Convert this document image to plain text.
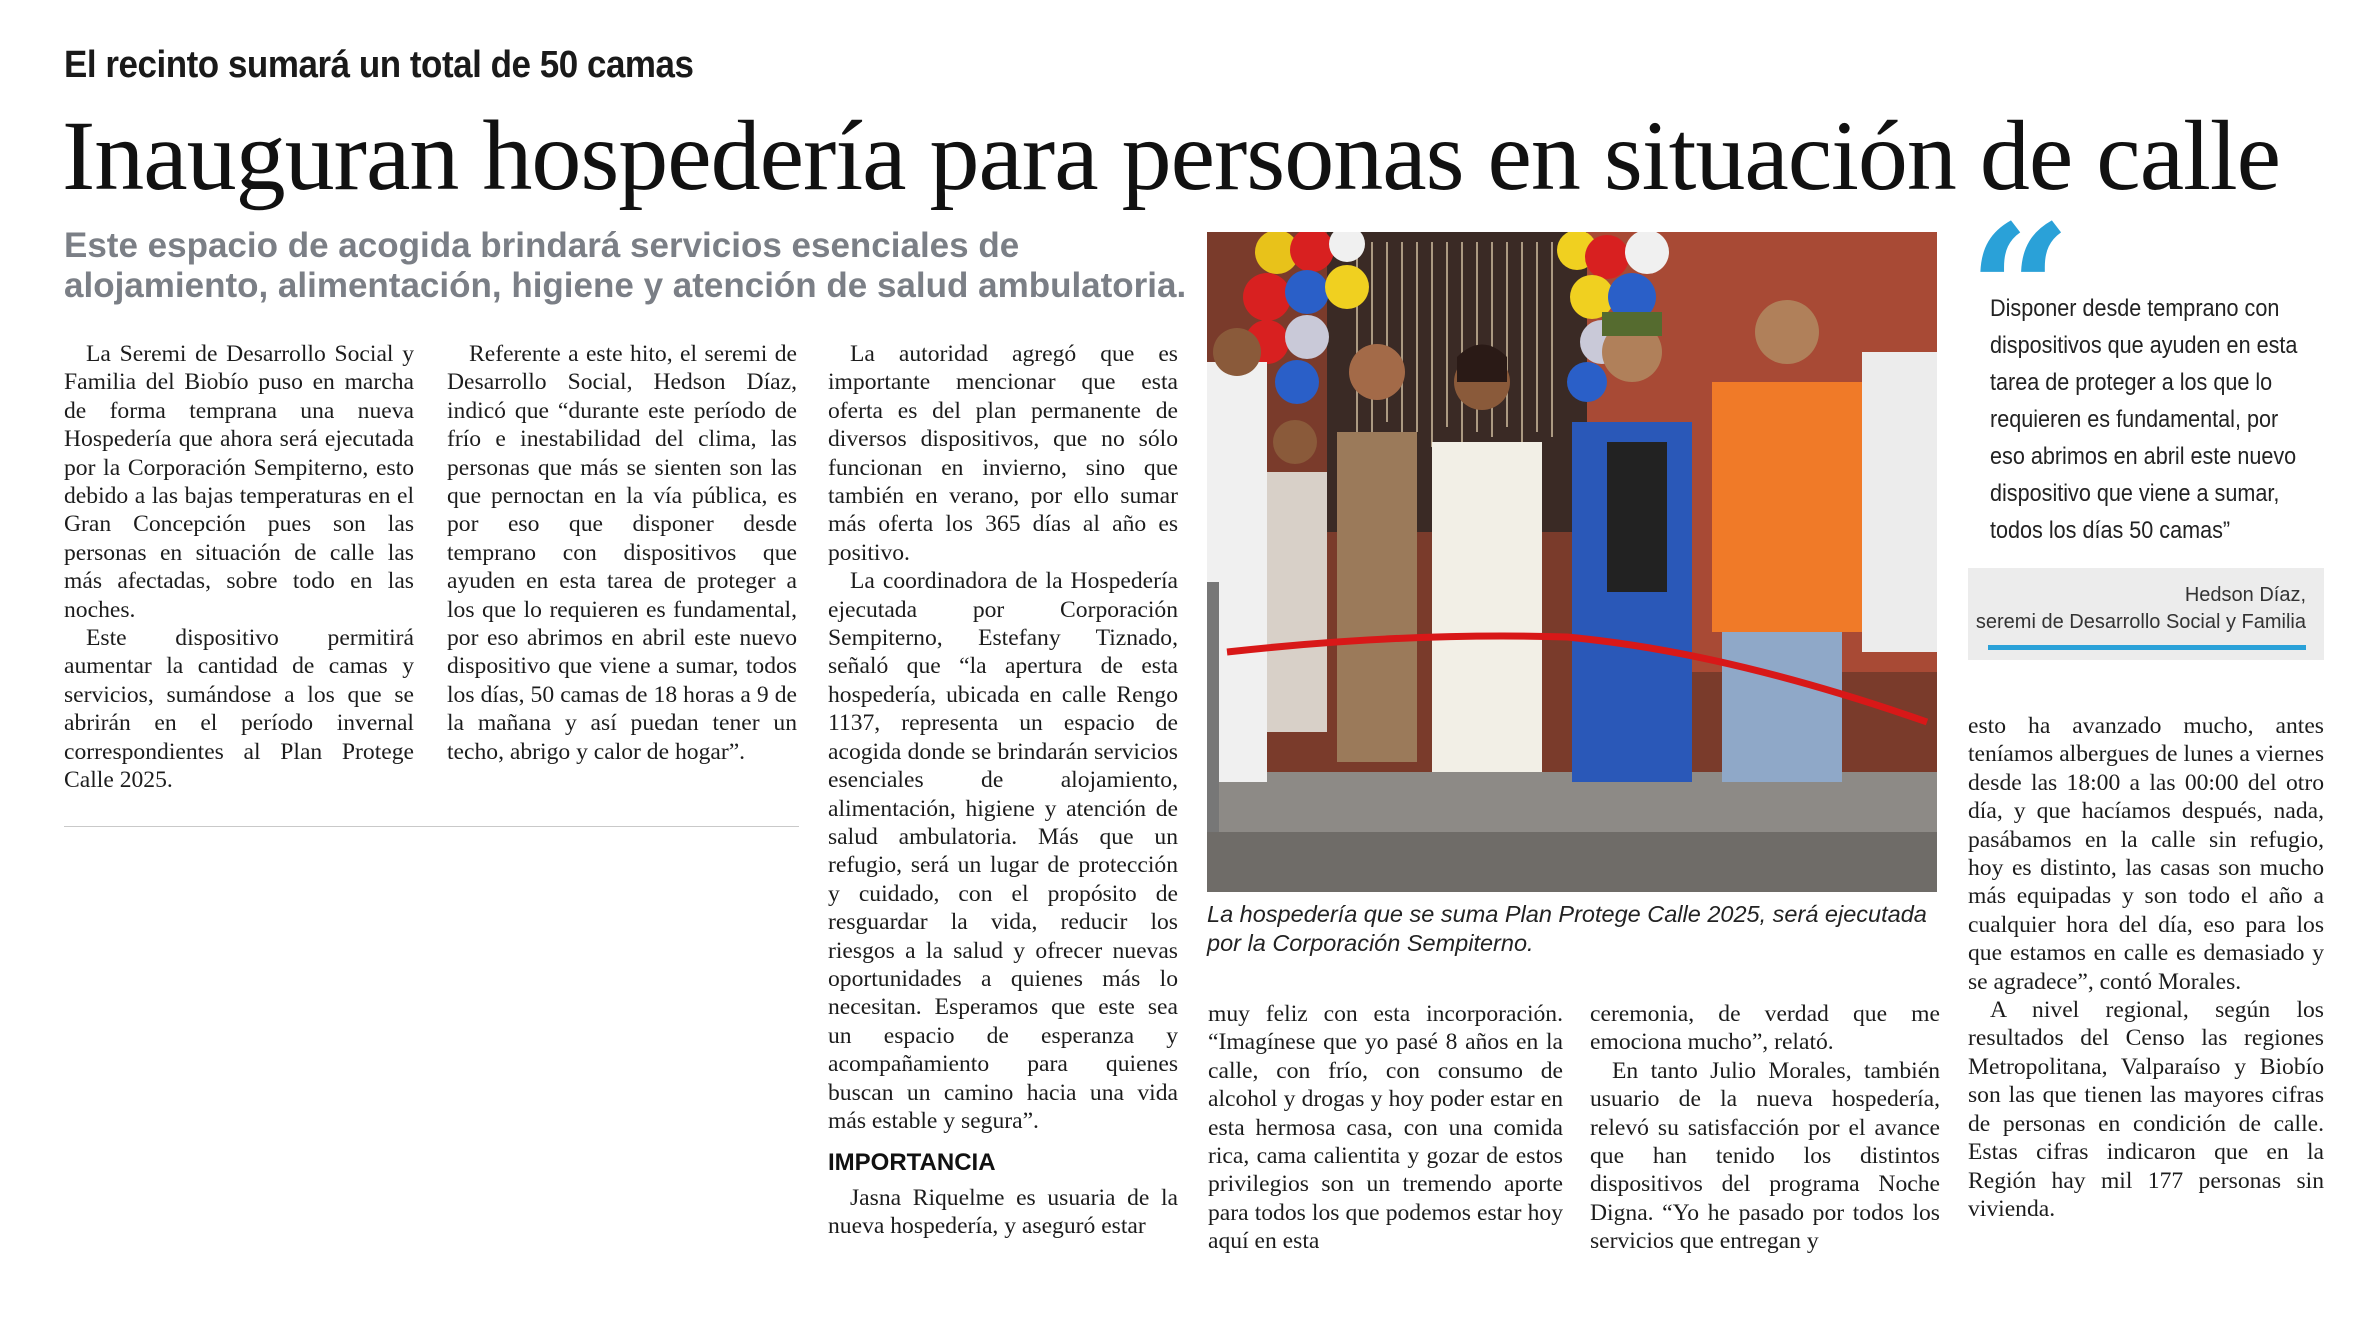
El recinto sumará un total de 50 camas
Inauguran hospedería para personas en situación de calle
Este espacio de acogida brindará servicios esenciales de alojamiento, alimentación, higiene y atención de salud ambulatoria.

La Seremi de Desarrollo Social y Familia del Biobío puso en marcha de forma temprana una nueva Hospedería que ahora será ejecutada por la Corporación Sempiterno, esto debido a las bajas temperaturas en el Gran Concepción pues son las personas en situación de calle las más afectadas, sobre todo en las noches.

Este dispositivo permitirá aumentar la cantidad de camas y servicios, sumándose a los que se abrirán en el período invernal correspondientes al Plan Protege Calle 2025.

Referente a este hito, el seremi de Desarrollo Social, Hedson Díaz, indicó que “durante este período de frío e inestabilidad del clima, las personas que más se sienten son las que pernoctan en la vía pública, es por eso que disponer desde temprano con dispositivos que ayuden en esta tarea de proteger a los que lo requieren es fundamental, por eso abrimos en abril este nuevo dispositivo que viene a sumar, todos los días, 50 camas de 18 horas a 9 de la mañana y así puedan tener un techo, abrigo y calor de hogar”.

La autoridad agregó que es importante mencionar que esta oferta es del plan permanente de diversos dispositivos, que no sólo funcionan en invierno, sino que también en verano, por ello sumar más oferta los 365 días al año es positivo.

La coordinadora de la Hospedería ejecutada por Corporación Sempiterno, Estefany Tiznado, señaló que “la apertura de esta hospedería, ubicada en calle Rengo 1137, representa un espacio de acogida donde se brindarán servicios esenciales de alojamiento, alimentación, higiene y atención de salud ambulatoria. Más que un refugio, será un lugar de protección y cuidado, con el propósito de resguardar la vida, reducir los riesgos a la salud y ofrecer nuevas oportunidades a quienes más lo necesitan. Esperamos que este sea un espacio de esperanza y acompañamiento para quienes buscan un camino hacia una vida más estable y segura”.

IMPORTANCIA

Jasna Riquelme es usuaria de la nueva hospedería, y aseguró estar

La hospedería que se suma Plan Protege Calle 2025, será ejecutada por la Corporación Sempiterno.
“
Disponer desde temprano con dispositivos que ayuden en esta tarea de proteger a los que lo requieren es fundamental, por eso abrimos en abril este nuevo dispositivo que viene a sumar, todos los días 50 camas”
Hedson Díaz,
seremi de Desarrollo Social y Familia

muy feliz con esta incorporación. “Imagínese que yo pasé 8 años en la calle, con frío, con consumo de alcohol y drogas y hoy poder estar en esta hermosa casa, con una comida rica, cama calientita y gozar de estos privilegios son un tremendo aporte para todos los que podemos estar hoy aquí en esta

ceremonia, de verdad que me emociona mucho”, relató.

En tanto Julio Morales, también usuario de la nueva hospedería, relevó su satisfacción por el avance que han tenido los distintos dispositivos del programa Noche Digna. “Yo he pasado por todos los servicios que entregan y

esto ha avanzado mucho, antes teníamos albergues de lunes a viernes desde las 18:00 a las 00:00 del otro día, y que hacíamos después, nada, pasábamos en la calle sin refugio, hoy es distinto, las casas son mucho más equipadas y son todo el año a cualquier hora del día, eso para los que estamos en calle es demasiado y se agradece”, contó Morales.

A nivel regional, según los resultados del Censo las regiones Metropolitana, Valparaíso y Biobío son las que tienen las mayores cifras de personas en condición de calle. Estas cifras indicaron que en la Región hay mil 177 personas sin vivienda.
